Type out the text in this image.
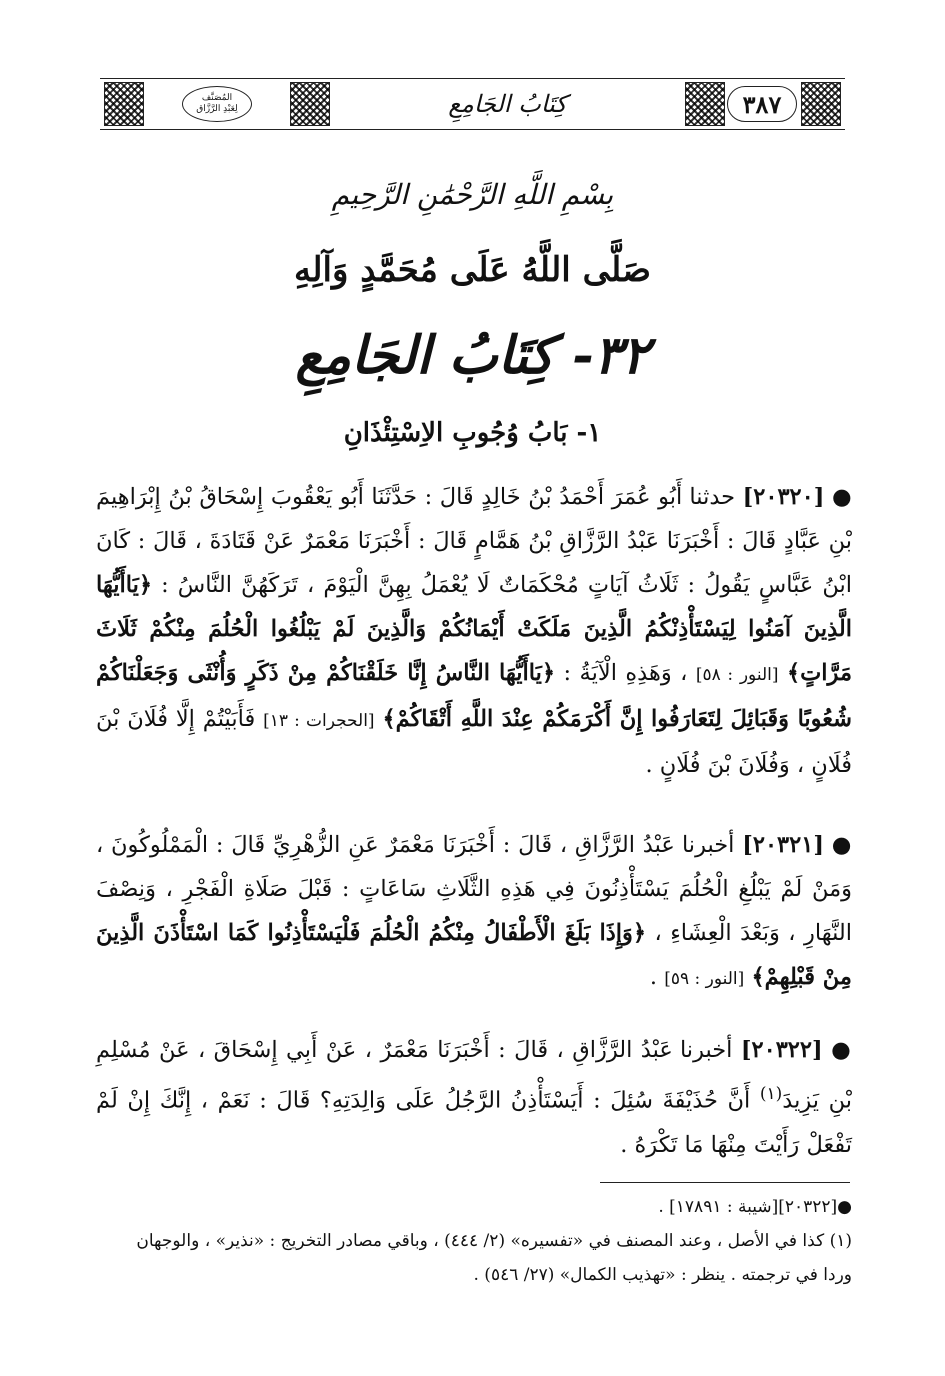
المُصَنَّف
لِعَبْدِ الرَّزَّاق	كِتَابُ الجَامِعِ	٣٨٧
بِسْمِ اللَّهِ الرَّحْمَٰنِ الرَّحِيمِ
صَلَّى اللَّهُ عَلَى مُحَمَّدٍ وَآلِهِ
٣٢- كِتَابُ الجَامِعِ
١- بَابُ وُجُوبِ الاِسْتِئْذَانِ
● [٢٠٣٢٠] حدثنا أَبُو عُمَرَ أَحْمَدُ بْنُ خَالِدٍ قَالَ : حَدَّثَنَا أَبُو يَعْقُوبَ إِسْحَاقُ بْنُ إِبْرَاهِيمَ بْنِ عَبَّادٍ قَالَ : أَخْبَرَنَا عَبْدُ الرَّزَّاقِ بْنُ هَمَّامٍ قَالَ : أَخْبَرَنَا مَعْمَرٌ عَنْ قَتَادَةَ ، قَالَ : كَانَ ابْنُ عَبَّاسٍ يَقُولُ : ثَلَاثُ آيَاتٍ مُحْكَمَاتٌ لَا يُعْمَلُ بِهِنَّ الْيَوْمَ ، تَرَكَهُنَّ النَّاسُ : ﴿يَاأَيُّهَا الَّذِينَ آمَنُوا لِيَسْتَأْذِنْكُمُ الَّذِينَ مَلَكَتْ أَيْمَانُكُمْ وَالَّذِينَ لَمْ يَبْلُغُوا الْحُلُمَ مِنْكُمْ ثَلَاثَ مَرَّاتٍ﴾ [النور : ٥٨] ، وَهَذِهِ الْآيَةُ : ﴿يَاأَيُّهَا النَّاسُ إِنَّا خَلَقْنَاكُمْ مِنْ ذَكَرٍ وَأُنْثَى وَجَعَلْنَاكُمْ شُعُوبًا وَقَبَائِلَ لِتَعَارَفُوا إِنَّ أَكْرَمَكُمْ عِنْدَ اللَّهِ أَتْقَاكُمْ﴾ [الحجرات : ١٣] فَأَبَيْتُمْ إِلَّا فُلَانَ بْنَ فُلَانٍ ، وَفُلَانَ بْنَ فُلَانٍ .
● [٢٠٣٢١] أخبرنا عَبْدُ الرَّزَّاقِ ، قَالَ : أَخْبَرَنَا مَعْمَرٌ عَنِ الزُّهْرِيِّ قَالَ : الْمَمْلُوكُونَ ، وَمَنْ لَمْ يَبْلُغِ الْحُلُمَ يَسْتَأْذِنُونَ فِي هَذِهِ الثَّلَاثِ سَاعَاتٍ : قَبْلَ صَلَاةِ الْفَجْرِ ، وَنِصْفَ النَّهَارِ ، وَبَعْدَ الْعِشَاءِ ، ﴿وَإِذَا بَلَغَ الْأَطْفَالُ مِنْكُمُ الْحُلُمَ فَلْيَسْتَأْذِنُوا كَمَا اسْتَأْذَنَ الَّذِينَ مِنْ قَبْلِهِمْ﴾ [النور : ٥٩] .
● [٢٠٣٢٢] أخبرنا عَبْدُ الرَّزَّاقِ ، قَالَ : أَخْبَرَنَا مَعْمَرٌ ، عَنْ أَبِي إِسْحَاقَ ، عَنْ مُسْلِمِ بْنِ يَزِيدَ$^{(١)}$ أَنَّ حُذَيْفَةَ سُئِلَ : أَيَسْتَأْذِنُ الرَّجُلُ عَلَى وَالِدَتِهِ؟ قَالَ : نَعَمْ ، إِنَّكَ إِنْ لَمْ تَفْعَلْ رَأَيْتَ مِنْهَا مَا تَكْرَهُ .

●[٢٠٣٢٢][شيبة : ١٧٨٩١] .

(١) كذا في الأصل ، وعند المصنف في «تفسيره» (٢/ ٤٤٤) ، وباقي مصادر التخريج : «نذير» ، والوجهان

وردا في ترجمته . ينظر : «تهذيب الكمال» (٢٧/ ٥٤٦) .
